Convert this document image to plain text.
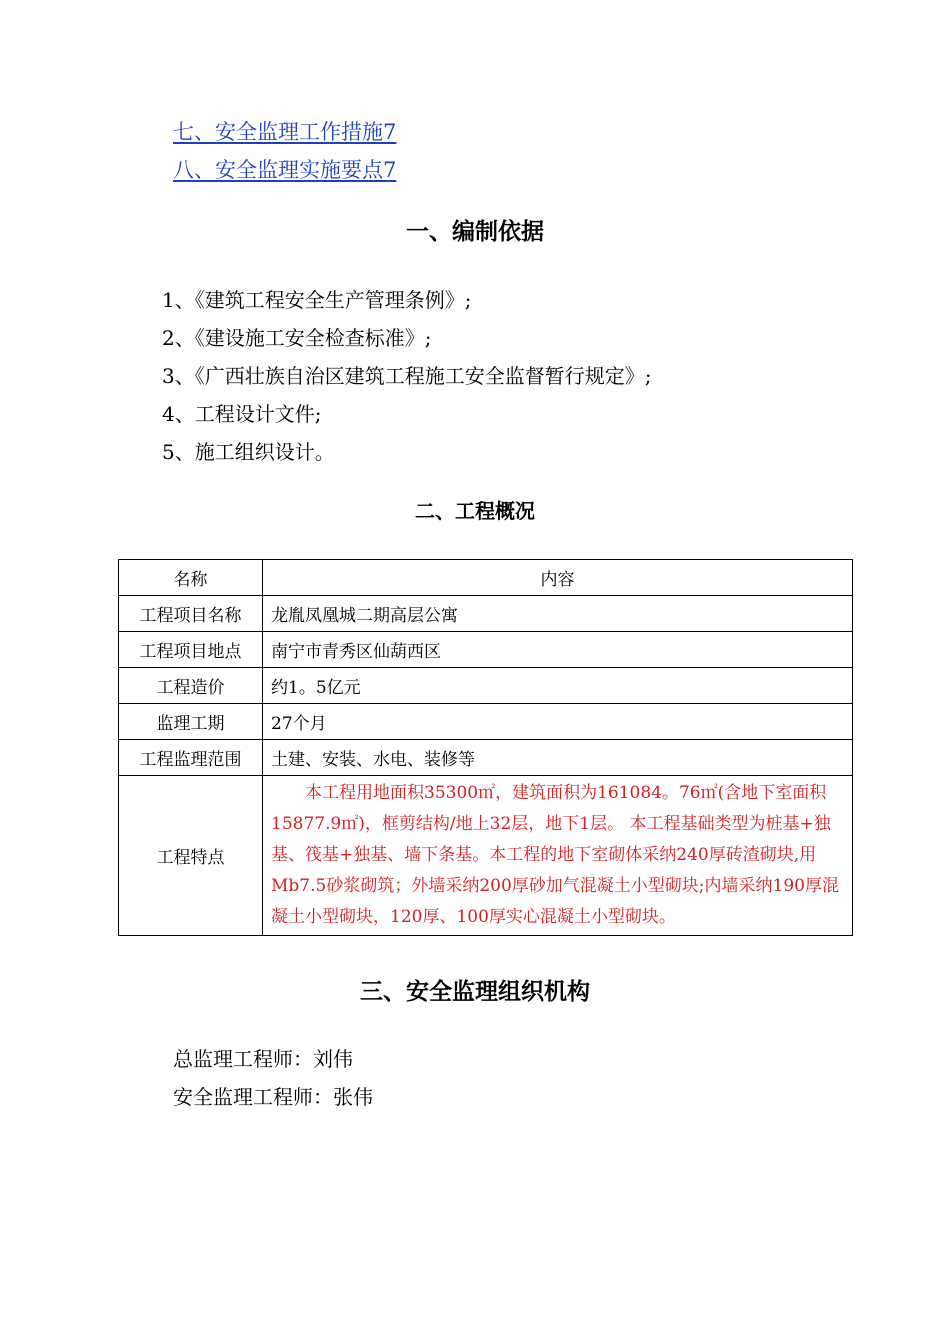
七、安全监理工作措施7
八、安全监理实施要点7
一、编制依据
1、《建筑工程安全生产管理条例》;
2、《建设施工安全检查标准》;
3、《广西壮族自治区建筑工程施工安全监督暂行规定》;
4、工程设计文件;
5、施工组织设计。
二、工程概况
名称	内容
工程项目名称	龙胤凤凰城二期高层公寓
工程项目地点	南宁市青秀区仙葫西区
工程造价	约1。5亿元
监理工期	27个月
工程监理范围	土建、安装、水电、装修等
工程特点	　　本工程用地面积35300㎡，建筑面积为161084。76㎡(含地下室面积15877.9㎡)，框剪结构/地上32层，地下1层。 本工程基础类型为桩基+独基、筏基+独基、墙下条基。本工程的地下室砌体采纳240厚砖渣砌块,用Mb7.5砂浆砌筑；外墙采纳200厚砂加气混凝土小型砌块;内墙采纳190厚混凝土小型砌块，120厚、100厚实心混凝土小型砌块。
三、安全监理组织机构
总监理工程师：刘伟
安全监理工程师：张伟
